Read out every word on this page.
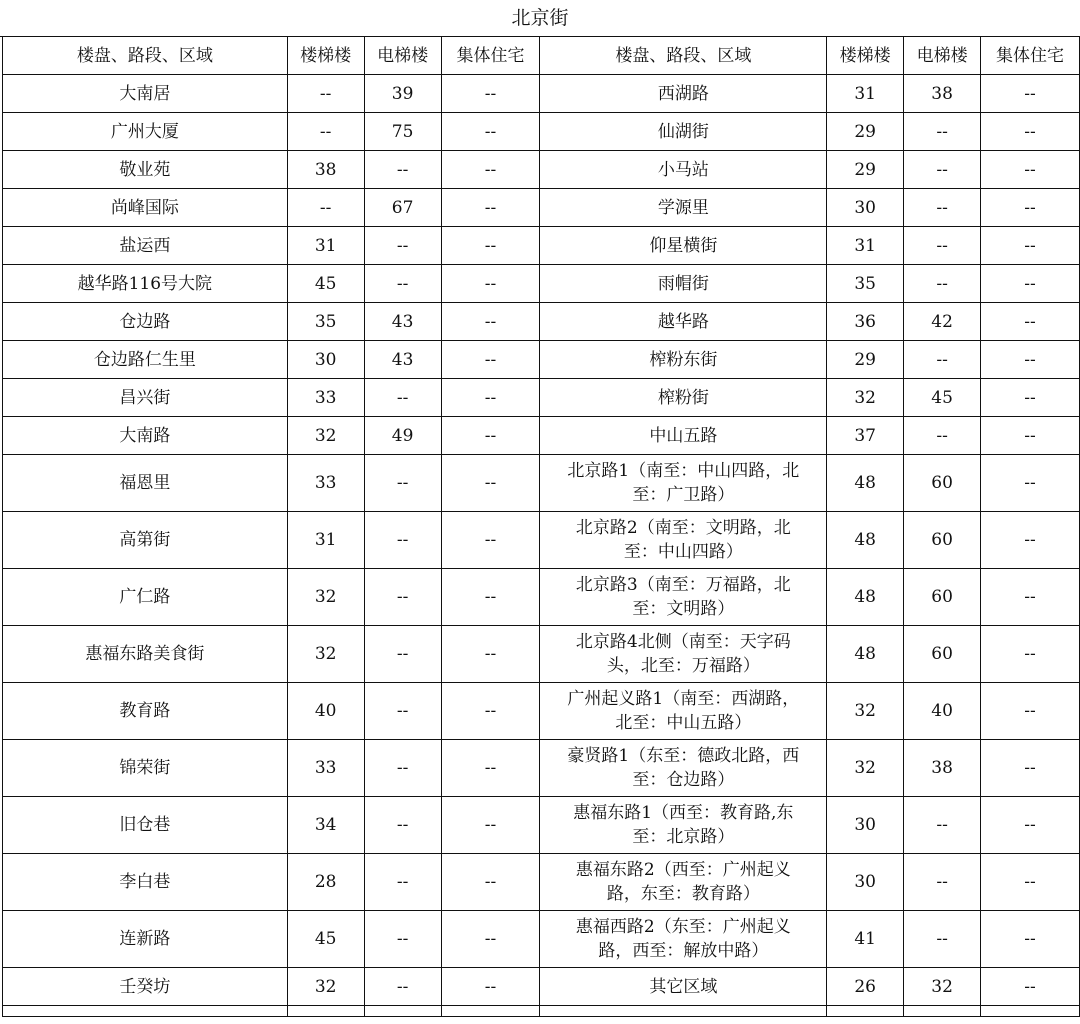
北京街
楼盘、路段、区域	楼梯楼	电梯楼	集体住宅	楼盘、路段、区域	楼梯楼	电梯楼	集体住宅
大南居	--	39	--	西湖路	31	38	--
广州大厦	--	75	--	仙湖街	29	--	--
敬业苑	38	--	--	小马站	29	--	--
尚峰国际	--	67	--	学源里	30	--	--
盐运西	31	--	--	仰星横街	31	--	--
越华路116号大院	45	--	--	雨帽街	35	--	--
仓边路	35	43	--	越华路	36	42	--
仓边路仁生里	30	43	--	榨粉东街	29	--	--
昌兴街	33	--	--	榨粉街	32	45	--
大南路	32	49	--	中山五路	37	--	--
福恩里	33	--	--	北京路1（南至：中山四路，北至：广卫路）	48	60	--
高第街	31	--	--	北京路2（南至：文明路，北至：中山四路）	48	60	--
广仁路	32	--	--	北京路3（南至：万福路，北至：文明路）	48	60	--
惠福东路美食街	32	--	--	北京路4北侧（南至：天字码头，北至：万福路）	48	60	--
教育路	40	--	--	广州起义路1（南至：西湖路，北至：中山五路）	32	40	--
锦荣街	33	--	--	豪贤路1（东至：德政北路，西至：仓边路）	32	38	--
旧仓巷	34	--	--	惠福东路1（西至：教育路,东至：北京路）	30	--	--
李白巷	28	--	--	惠福东路2（西至：广州起义路，东至：教育路）	30	--	--
连新路	45	--	--	惠福西路2（东至：广州起义路，西至：解放中路）	41	--	--
壬癸坊	32	--	--	其它区域	26	32	--
